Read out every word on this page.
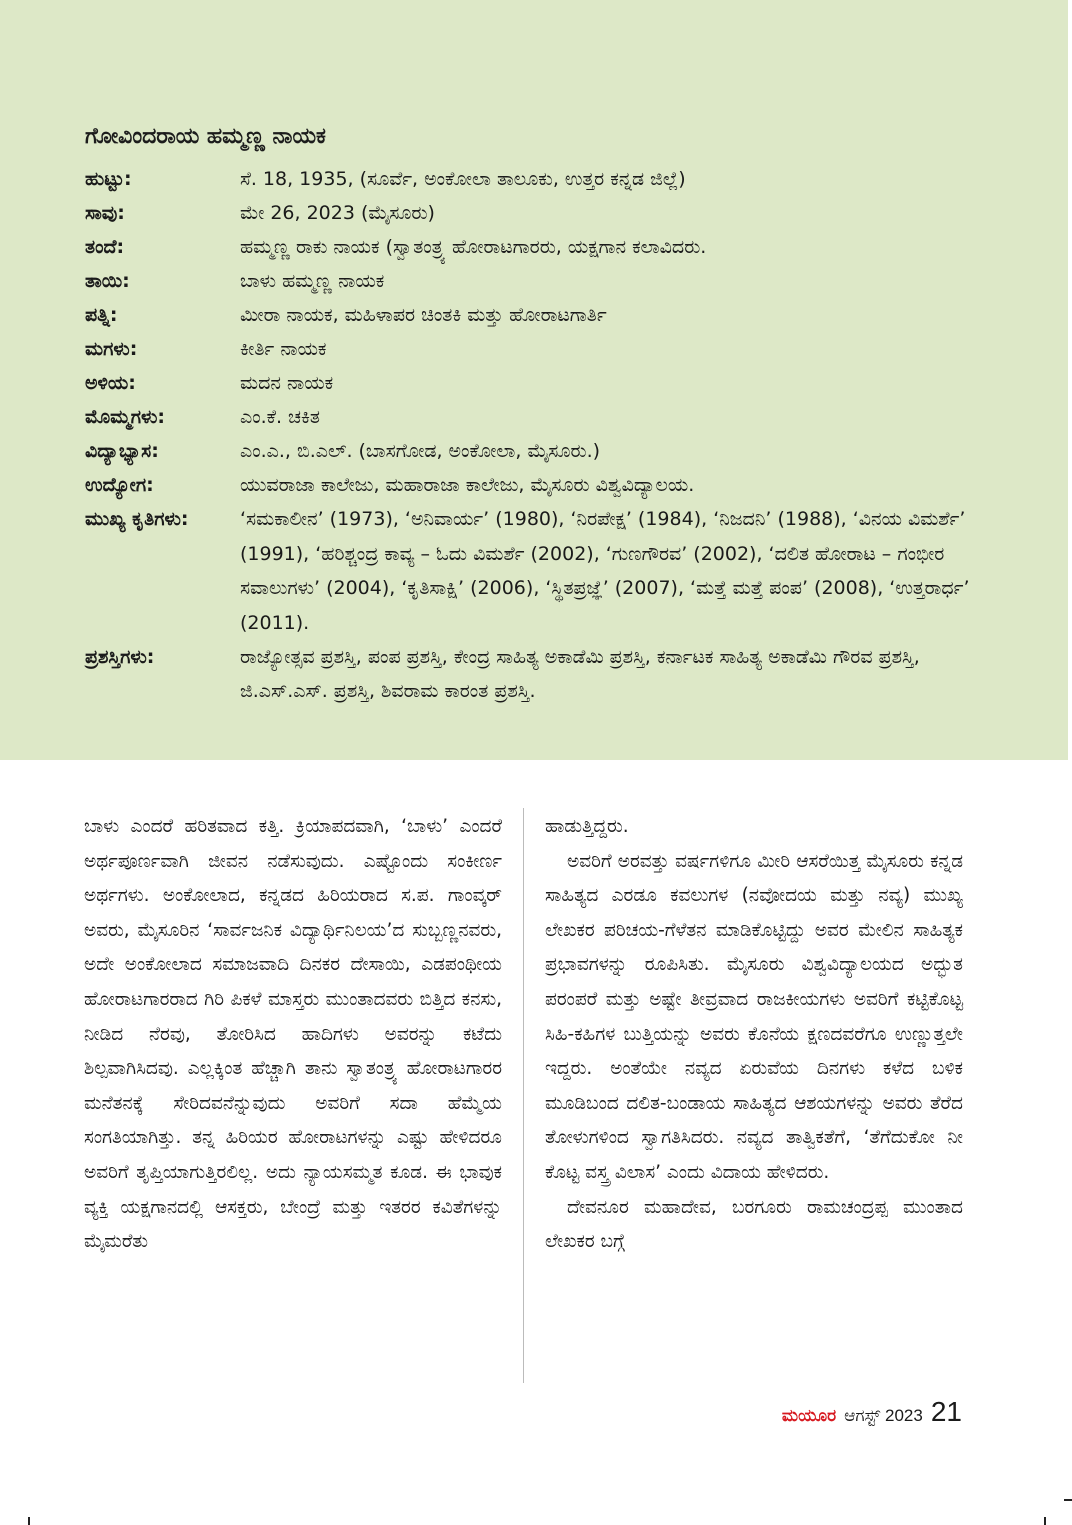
ಗೋವಿಂದರಾಯ ಹಮ್ಮಣ್ಣ ನಾಯಕ
ಹುಟ್ಟು:	ಸೆ. 18, 1935, (ಸೂರ್ವೆ, ಅಂಕೋಲಾ ತಾಲೂಕು, ಉತ್ತರ ಕನ್ನಡ ಜಿಲ್ಲೆ)
ಸಾವು:	ಮೇ 26, 2023 (ಮೈಸೂರು)
ತಂದೆ:	ಹಮ್ಮಣ್ಣ ರಾಕು ನಾಯಕ (ಸ್ವಾತಂತ್ರ್ಯ ಹೋರಾಟಗಾರರು, ಯಕ್ಷಗಾನ ಕಲಾವಿದರು.
ತಾಯಿ:	ಬಾಳು ಹಮ್ಮಣ್ಣ ನಾಯಕ
ಪತ್ನಿ:	ಮೀರಾ ನಾಯಕ, ಮಹಿಳಾಪರ ಚಿಂತಕಿ ಮತ್ತು ಹೋರಾಟಗಾರ್ತಿ
ಮಗಳು:	ಕೀರ್ತಿ ನಾಯಕ
ಅಳಿಯ:	ಮದನ ನಾಯಕ
ಮೊಮ್ಮಗಳು:	ಎಂ.ಕೆ. ಚಕಿತ
ವಿದ್ಯಾಭ್ಯಾಸ:	ಎಂ.ಎ., ಬಿ.ಎಲ್. (ಬಾಸಗೋಡ, ಅಂಕೋಲಾ, ಮೈಸೂರು.)
ಉದ್ಯೋಗ:	ಯುವರಾಜಾ ಕಾಲೇಜು, ಮಹಾರಾಜಾ ಕಾಲೇಜು, ಮೈಸೂರು ವಿಶ್ವವಿದ್ಯಾಲಯ.
ಮುಖ್ಯ ಕೃತಿಗಳು:	‘ಸಮಕಾಲೀನ’ (1973), ‘ಅನಿವಾರ್ಯ’ (1980), ‘ನಿರಪೇಕ್ಷ’ (1984), ‘ನಿಜದನಿ’ (1988), ‘ವಿನಯ ವಿಮರ್ಶೆ’ (1991), ‘ಹರಿಶ್ಚಂದ್ರ ಕಾವ್ಯ – ಓದು ವಿಮರ್ಶೆ (2002), ‘ಗುಣಗೌರವ’ (2002), ‘ದಲಿತ ಹೋರಾಟ – ಗಂಭೀರ ಸವಾಲುಗಳು’ (2004), ‘ಕೃತಿಸಾಕ್ಷಿ’ (2006), ‘ಸ್ಥಿತಪ್ರಜ್ಞೆ’ (2007), ‘ಮತ್ತೆ ಮತ್ತೆ ಪಂಪ’ (2008), ‘ಉತ್ತರಾರ್ಧ’ (2011).
ಪ್ರಶಸ್ತಿಗಳು:	ರಾಜ್ಯೋತ್ಸವ ಪ್ರಶಸ್ತಿ, ಪಂಪ ಪ್ರಶಸ್ತಿ, ಕೇಂದ್ರ ಸಾಹಿತ್ಯ ಅಕಾಡೆಮಿ ಪ್ರಶಸ್ತಿ, ಕರ್ನಾಟಕ ಸಾಹಿತ್ಯ ಅಕಾಡೆಮಿ ಗೌರವ ಪ್ರಶಸ್ತಿ, ಜಿ.ಎಸ್.ಎಸ್. ಪ್ರಶಸ್ತಿ, ಶಿವರಾಮ ಕಾರಂತ ಪ್ರಶಸ್ತಿ.

ಬಾಳು ಎಂದರೆ ಹರಿತವಾದ ಕತ್ತಿ. ಕ್ರಿಯಾಪದವಾಗಿ, ‘ಬಾಳು’ ಎಂದರೆ ಅರ್ಥಪೂರ್ಣವಾಗಿ ಜೀವನ ನಡೆಸುವುದು. ಎಷ್ಟೊಂದು ಸಂಕೀರ್ಣ ಅರ್ಥಗಳು. ಅಂಕೋಲಾದ, ಕನ್ನಡದ ಹಿರಿಯರಾದ ಸ.ಪ. ಗಾಂವ್ಕರ್ ಅವರು, ಮೈಸೂರಿನ ‘ಸಾರ್ವಜನಿಕ ವಿದ್ಯಾರ್ಥಿನಿಲಯ’ದ ಸುಬ್ಬಣ್ಣನವರು, ಅದೇ ಅಂಕೋಲಾದ ಸಮಾಜವಾದಿ ದಿನಕರ ದೇಸಾಯಿ, ಎಡಪಂಥೀಯ ಹೋರಾಟಗಾರರಾದ ಗಿರಿ ಪಿಕಳೆ ಮಾಸ್ತರು ಮುಂತಾದವರು ಬಿತ್ತಿದ ಕನಸು, ನೀಡಿದ ನೆರವು, ತೋರಿಸಿದ ಹಾದಿಗಳು ಅವರನ್ನು ಕಟೆದು ಶಿಲ್ಪವಾಗಿಸಿದವು. ಎಲ್ಲಕ್ಕಿಂತ ಹೆಚ್ಚಾಗಿ ತಾನು ಸ್ವಾತಂತ್ರ್ಯ ಹೋರಾಟಗಾರರ ಮನೆತನಕ್ಕೆ ಸೇರಿದವನೆನ್ನುವುದು ಅವರಿಗೆ ಸದಾ ಹೆಮ್ಮೆಯ ಸಂಗತಿಯಾಗಿತ್ತು. ತನ್ನ ಹಿರಿಯರ ಹೋರಾಟಗಳನ್ನು ಎಷ್ಟು ಹೇಳಿದರೂ ಅವರಿಗೆ ತೃಪ್ತಿಯಾಗುತ್ತಿರಲಿಲ್ಲ. ಅದು ನ್ಯಾಯಸಮ್ಮತ ಕೂಡ. ಈ ಭಾವುಕ ವ್ಯಕ್ತಿ ಯಕ್ಷಗಾನದಲ್ಲಿ ಆಸಕ್ತರು, ಬೇಂದ್ರೆ ಮತ್ತು ಇತರರ ಕವಿತೆಗಳನ್ನು ಮೈಮರೆತು

ಹಾಡುತ್ತಿದ್ದರು.

ಅವರಿಗೆ ಅರವತ್ತು ವರ್ಷಗಳಿಗೂ ಮೀರಿ ಆಸರೆಯಿತ್ತ ಮೈಸೂರು ಕನ್ನಡ ಸಾಹಿತ್ಯದ ಎರಡೂ ಕವಲುಗಳ (ನವೋದಯ ಮತ್ತು ನವ್ಯ) ಮುಖ್ಯ ಲೇಖಕರ ಪರಿಚಯ-ಗೆಳೆತನ ಮಾಡಿಕೊಟ್ಟಿದ್ದು ಅವರ ಮೇಲಿನ ಸಾಹಿತ್ಯಕ ಪ್ರಭಾವಗಳನ್ನು ರೂಪಿಸಿತು. ಮೈಸೂರು ವಿಶ್ವವಿದ್ಯಾಲಯದ ಅದ್ಭುತ ಪರಂಪರೆ ಮತ್ತು ಅಷ್ಟೇ ತೀವ್ರವಾದ ರಾಜಕೀಯಗಳು ಅವರಿಗೆ ಕಟ್ಟಿಕೊಟ್ಟ ಸಿಹಿ-ಕಹಿಗಳ ಬುತ್ತಿಯನ್ನು ಅವರು ಕೊನೆಯ ಕ್ಷಣದವರೆಗೂ ಉಣ್ಣುತ್ತಲೇ ಇದ್ದರು. ಅಂತೆಯೇ ನವ್ಯದ ಏರುವೆಯ ದಿನಗಳು ಕಳೆದ ಬಳಿಕ ಮೂಡಿಬಂದ ದಲಿತ-ಬಂಡಾಯ ಸಾಹಿತ್ಯದ ಆಶಯಗಳನ್ನು ಅವರು ತೆರೆದ ತೋಳುಗಳಿಂದ ಸ್ವಾಗತಿಸಿದರು. ನವ್ಯದ ತಾತ್ವಿಕತೆಗೆ, ‘ತೆಗೆದುಕೋ ನೀ ಕೊಟ್ಟ ವಸ್ತ್ರ ವಿಲಾಸ’ ಎಂದು ವಿದಾಯ ಹೇಳಿದರು.

ದೇವನೂರ ಮಹಾದೇವ, ಬರಗೂರು ರಾಮಚಂದ್ರಪ್ಪ ಮುಂತಾದ ಲೇಖಕರ ಬಗ್ಗೆ

ಮಯೂರ ಆಗಸ್ಟ್ 2023 21
